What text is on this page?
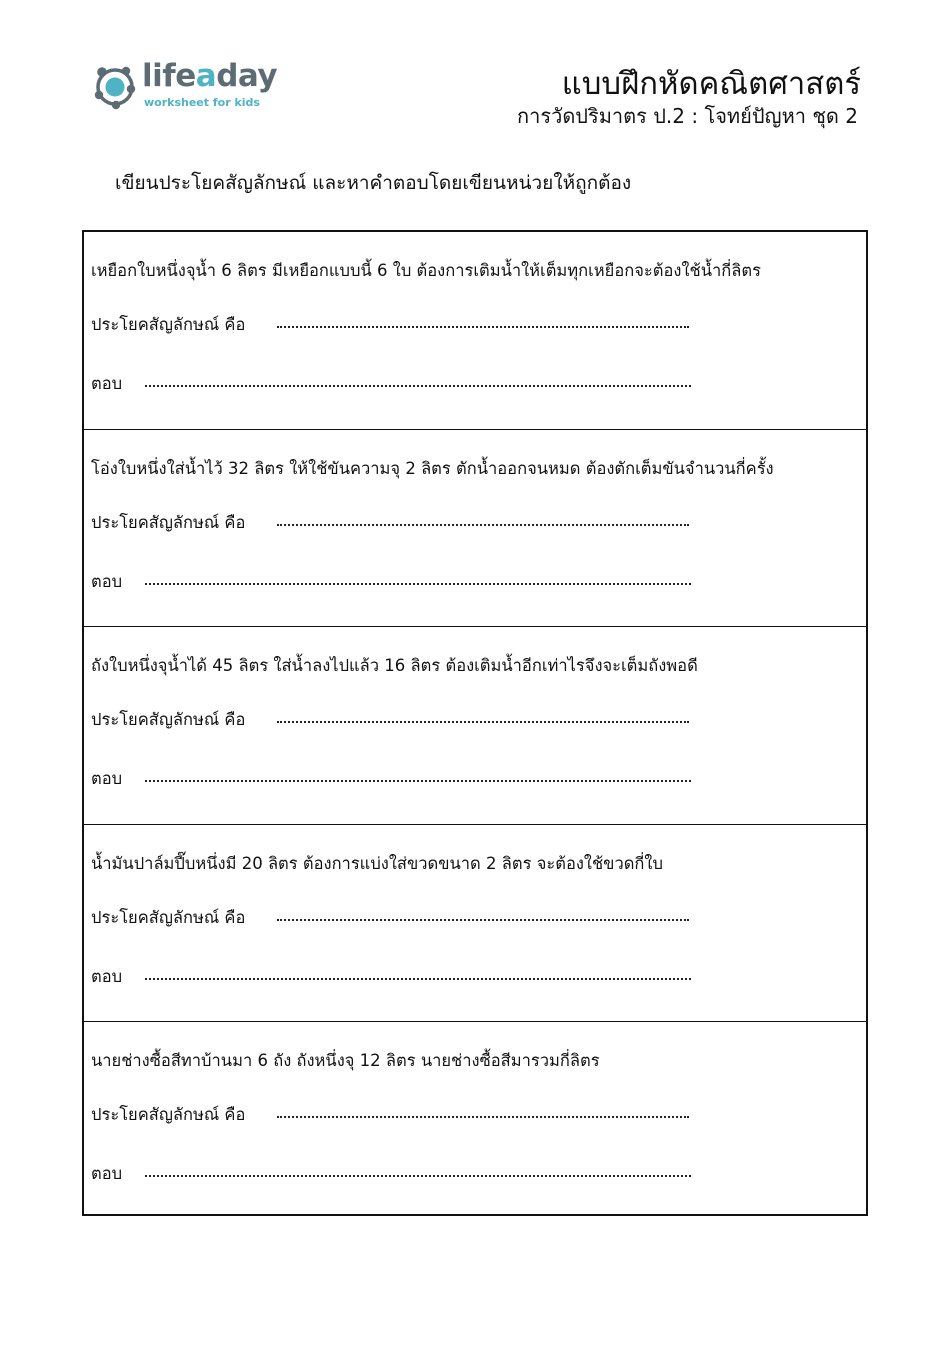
lifeaday
worksheet for kids
แบบฝึกหัดคณิตศาสตร์
การวัดปริมาตร ป.2 : โจทย์ปัญหา ชุด 2
เขียนประโยคสัญลักษณ์ และหาคำตอบโดยเขียนหน่วยให้ถูกต้อง
เหยือกใบหนึ่งจุน้ำ 6 ลิตร มีเหยือกแบบนี้ 6 ใบ ต้องการเติมน้ำให้เต็มทุกเหยือกจะต้องใช้น้ำกี่ลิตร
ประโยคสัญลักษณ์ คือ
ตอบ
โอ่งใบหนึ่งใส่น้ำไว้ 32 ลิตร ให้ใช้ขันความจุ 2 ลิตร ตักน้ำออกจนหมด ต้องตักเต็มขันจำนวนกี่ครั้ง
ประโยคสัญลักษณ์ คือ
ตอบ
ถังใบหนึ่งจุน้ำได้ 45 ลิตร ใส่น้ำลงไปแล้ว 16 ลิตร ต้องเติมน้ำอีกเท่าไรจึงจะเต็มถังพอดี
ประโยคสัญลักษณ์ คือ
ตอบ
น้ำมันปาล์มปี๊บหนึ่งมี 20 ลิตร ต้องการแบ่งใส่ขวดขนาด 2 ลิตร จะต้องใช้ขวดกี่ใบ
ประโยคสัญลักษณ์ คือ
ตอบ
นายช่างซื้อสีทาบ้านมา 6 ถัง ถังหนึ่งจุ 12 ลิตร นายช่างซื้อสีมารวมกี่ลิตร
ประโยคสัญลักษณ์ คือ
ตอบ
